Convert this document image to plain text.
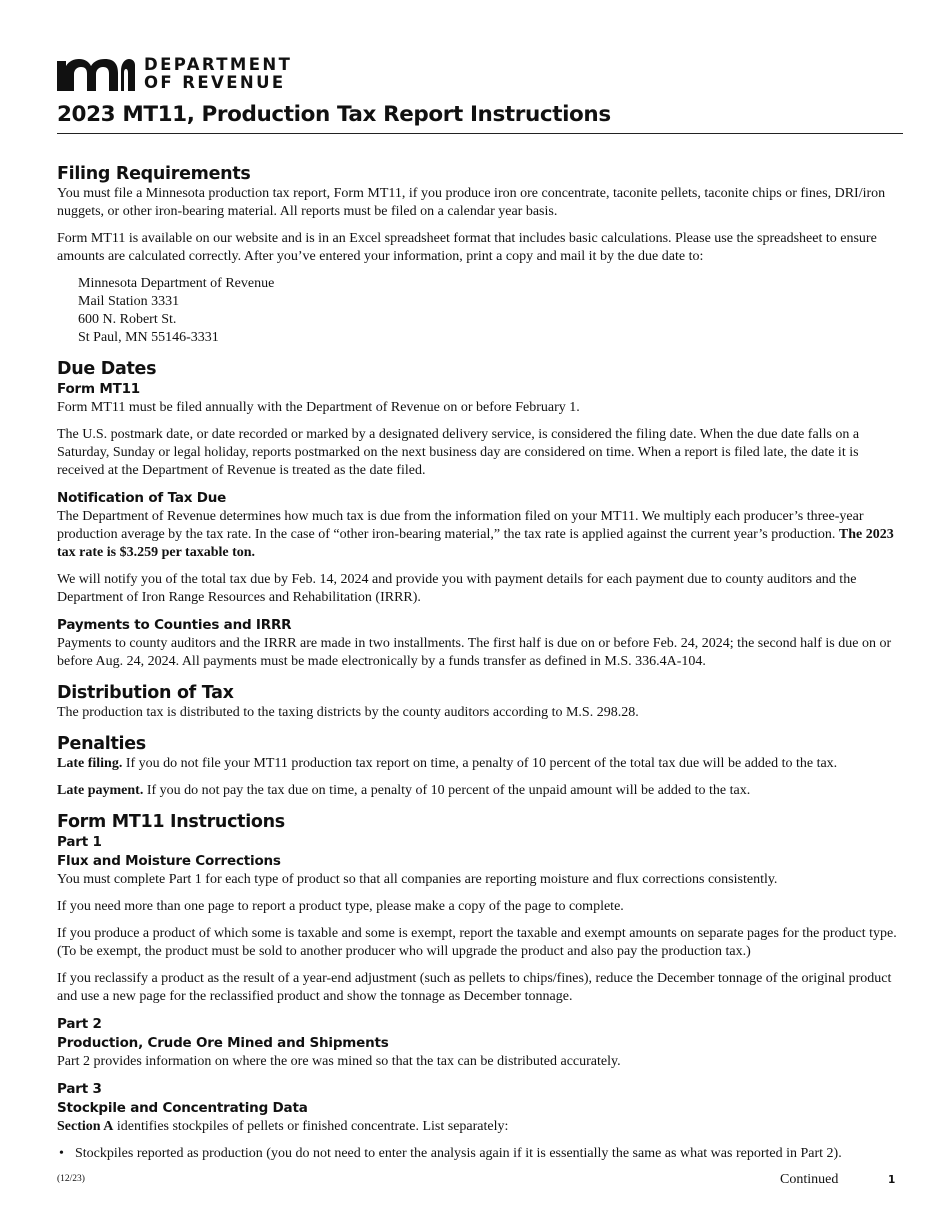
DEPARTMENT
OF REVENUE
2023 MT11, Production Tax Report Instructions
Filing Requirements

You must file a Minnesota production tax report, Form MT11, if you produce iron ore concentrate, taconite pellets, taconite chips or fines, DRI/iron nuggets, or other iron-bearing material. All reports must be filed on a calendar year basis.

Form MT11 is available on our website and is in an Excel spreadsheet format that includes basic calculations. Please use the spreadsheet to ensure amounts are calculated correctly. After you’ve entered your information, print a copy and mail it by the due date to:

Minnesota Department of Revenue
Mail Station 3331
600 N. Robert St.
St Paul, MN 55146-3331
Due Dates
Form MT11

Form MT11 must be filed annually with the Department of Revenue on or before February 1.

The U.S. postmark date, or date recorded or marked by a designated delivery service, is considered the filing date. When the due date falls on a Saturday, Sunday or legal holiday, reports postmarked on the next business day are considered on time. When a report is filed late, the date it is received at the Department of Revenue is treated as the date filed.

Notification of Tax Due

The Department of Revenue determines how much tax is due from the information filed on your MT11. We multiply each producer’s three-year production average by the tax rate. In the case of “other iron-bearing material,” the tax rate is applied against the current year’s production. The 2023 tax rate is $3.259 per taxable ton.

We will notify you of the total tax due by Feb. 14, 2024 and provide you with payment details for each payment due to county auditors and the Department of Iron Range Resources and Rehabilitation (IRRR).

Payments to Counties and IRRR

Payments to county auditors and the IRRR are made in two installments. The first half is due on or before Feb. 24, 2024; the second half is due on or before Aug. 24, 2024. All payments must be made electronically by a funds transfer as defined in M.S. 336.4A-104.

Distribution of Tax

The production tax is distributed to the taxing districts by the county auditors according to M.S. 298.28.

Penalties

Late filing. If you do not file your MT11 production tax report on time, a penalty of 10 percent of the total tax due will be added to the tax.

Late payment. If you do not pay the tax due on time, a penalty of 10 percent of the unpaid amount will be added to the tax.

Form MT11 Instructions
Part 1
Flux and Moisture Corrections

You must complete Part 1 for each type of product so that all companies are reporting moisture and flux corrections consistently.

If you need more than one page to report a product type, please make a copy of the page to complete.

If you produce a product of which some is taxable and some is exempt, report the taxable and exempt amounts on separate pages for the product type. (To be exempt, the product must be sold to another producer who will upgrade the product and also pay the production tax.)

If you reclassify a product as the result of a year-end adjustment (such as pellets to chips/fines), reduce the December tonnage of the original product and use a new page for the reclassified product and show the tonnage as December tonnage.

Part 2
Production, Crude Ore Mined and Shipments

Part 2 provides information on where the ore was mined so that the tax can be distributed accurately.

Part 3
Stockpile and Concentrating Data

Section A identifies stockpiles of pellets or finished concentrate. List separately:

• Stockpiles reported as production (you do not need to enter the analysis again if it is essentially the same as what was reported in Part 2).
(12/23)	Continued	1
